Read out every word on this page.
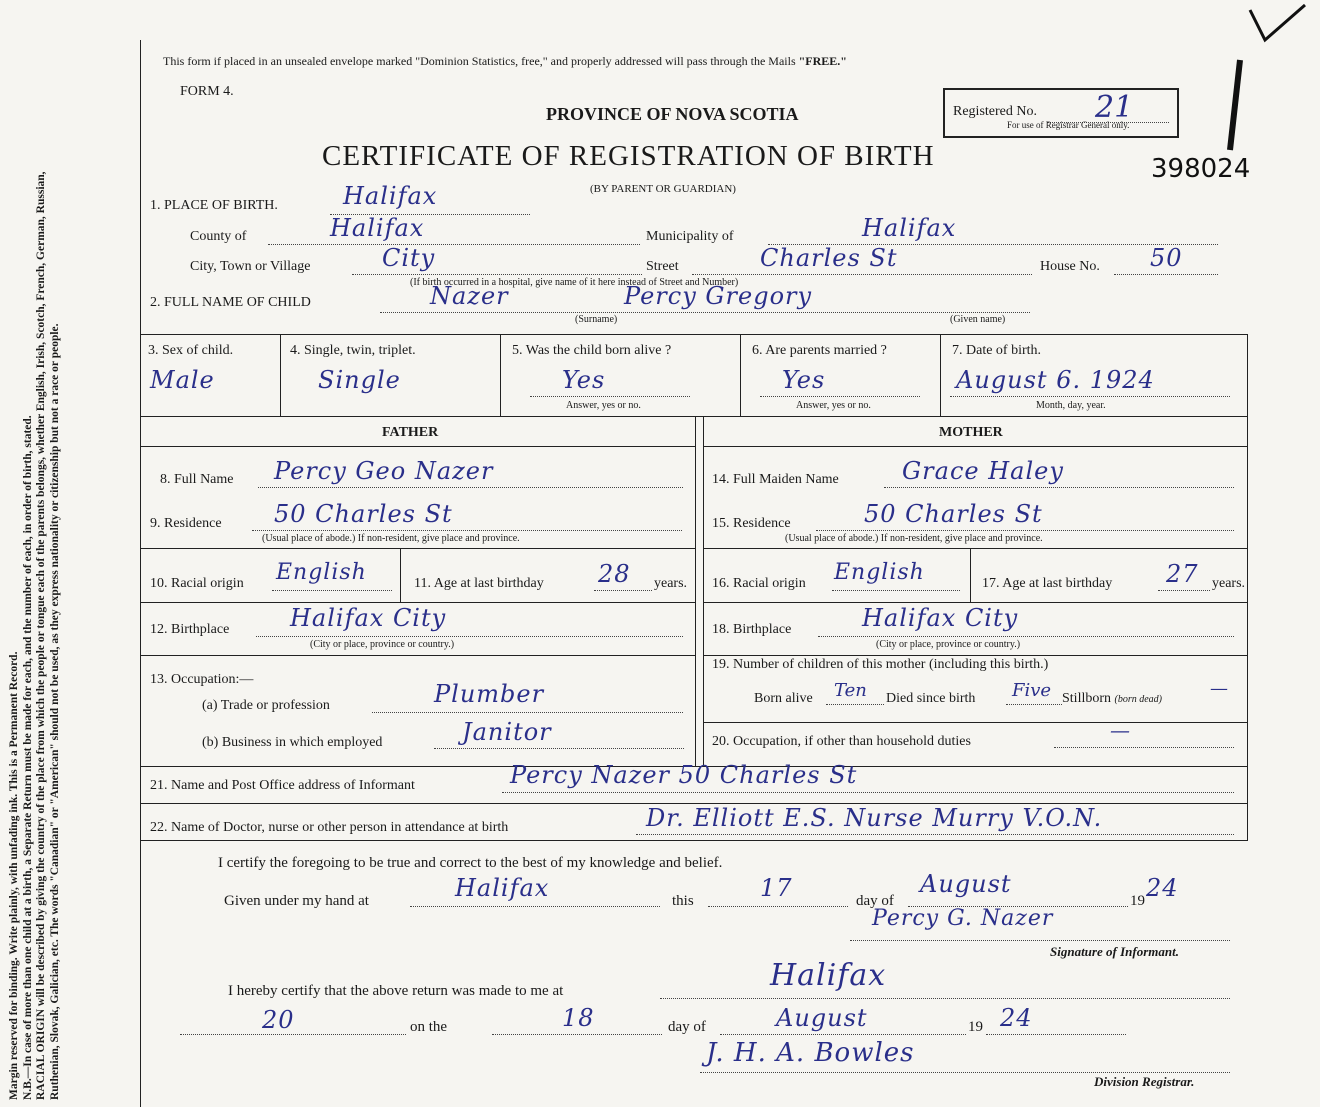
Margin reserved for binding. Write plainly, with unfading ink. This is a Permanent Record. N.B.—In case of more than one child at a birth, a Separate Return must be made for each, and the number of each, in order of birth, stated. RACIAL ORIGIN will be described by giving the country of the place from which the people or tongue each of the parents belongs, whether English, Irish, Scotch, French, German, Russian, Ruthenian, Slovak, Galician, etc. The words "Canadian" or "American" should not be used, as they express nationality or citizenship but not a race or people.
This form if placed in an unsealed envelope marked "Dominion Statistics, free," and properly addressed will pass through the Mails "FREE."
FORM 4.
PROVINCE OF NOVA SCOTIA
CERTIFICATE OF REGISTRATION OF BIRTH
(BY PARENT OR GUARDIAN)
Registered No. 21
For use of Registrar General only.
398024
1. PLACE OF BIRTH.	Halifax
County of	Halifax	Municipality of	Halifax
City, Town or Village	City	Street	Charles St	House No. 50
(If birth occurred in a hospital, give name of it here instead of Street and Number)
2. FULL NAME OF CHILD	Nazer	Percy Gregory
(Surname)	(Given name)
3. Sex of child.
Male
4. Single, twin, triplet.
Single
5. Was the child born alive ?
Yes
Answer, yes or no.
6. Are parents married ?
Yes
Answer, yes or no.
7. Date of birth.
August 6. 1924
Month, day, year.
FATHER	MOTHER
8. Full Name Percy Geo Nazer
9. Residence 50 Charles St
(Usual place of abode.) If non-resident, give place and province.
10. Racial origin English	11. Age at last birthday 28 years.
12. Birthplace	Halifax City
(City or place, province or country.)
13. Occupation:—
(a) Trade or profession	Plumber
(b) Business in which employed	Janitor
14. Full Maiden Name	Grace Haley
15. Residence	50 Charles St
(Usual place of abode.) If non-resident, give place and province.
16. Racial origin English	17. Age at last birthday 27 years.
18. Birthplace	Halifax City
(City or place, province or country.)
19. Number of children of this mother (including this birth.)
Born alive Ten Died since birth Five Stillborn (born dead)
—
20. Occupation, if other than household duties	—
21. Name and Post Office address of Informant	Percy Nazer 50 Charles St
22. Name of Doctor, nurse or other person in attendance at birth	Dr. Elliott E.S. Nurse Murry V.O.N.
I certify the foregoing to be true and correct to the best of my knowledge and belief.
Given under my hand at	Halifax	this	17	day of
August
19 24
Percy G. Nazer
Signature of Informant.
I hereby certify that the above return was made to me at	Halifax
20	on the	18	day of	August	19 24
J. H. A. Bowles
Division Registrar.
